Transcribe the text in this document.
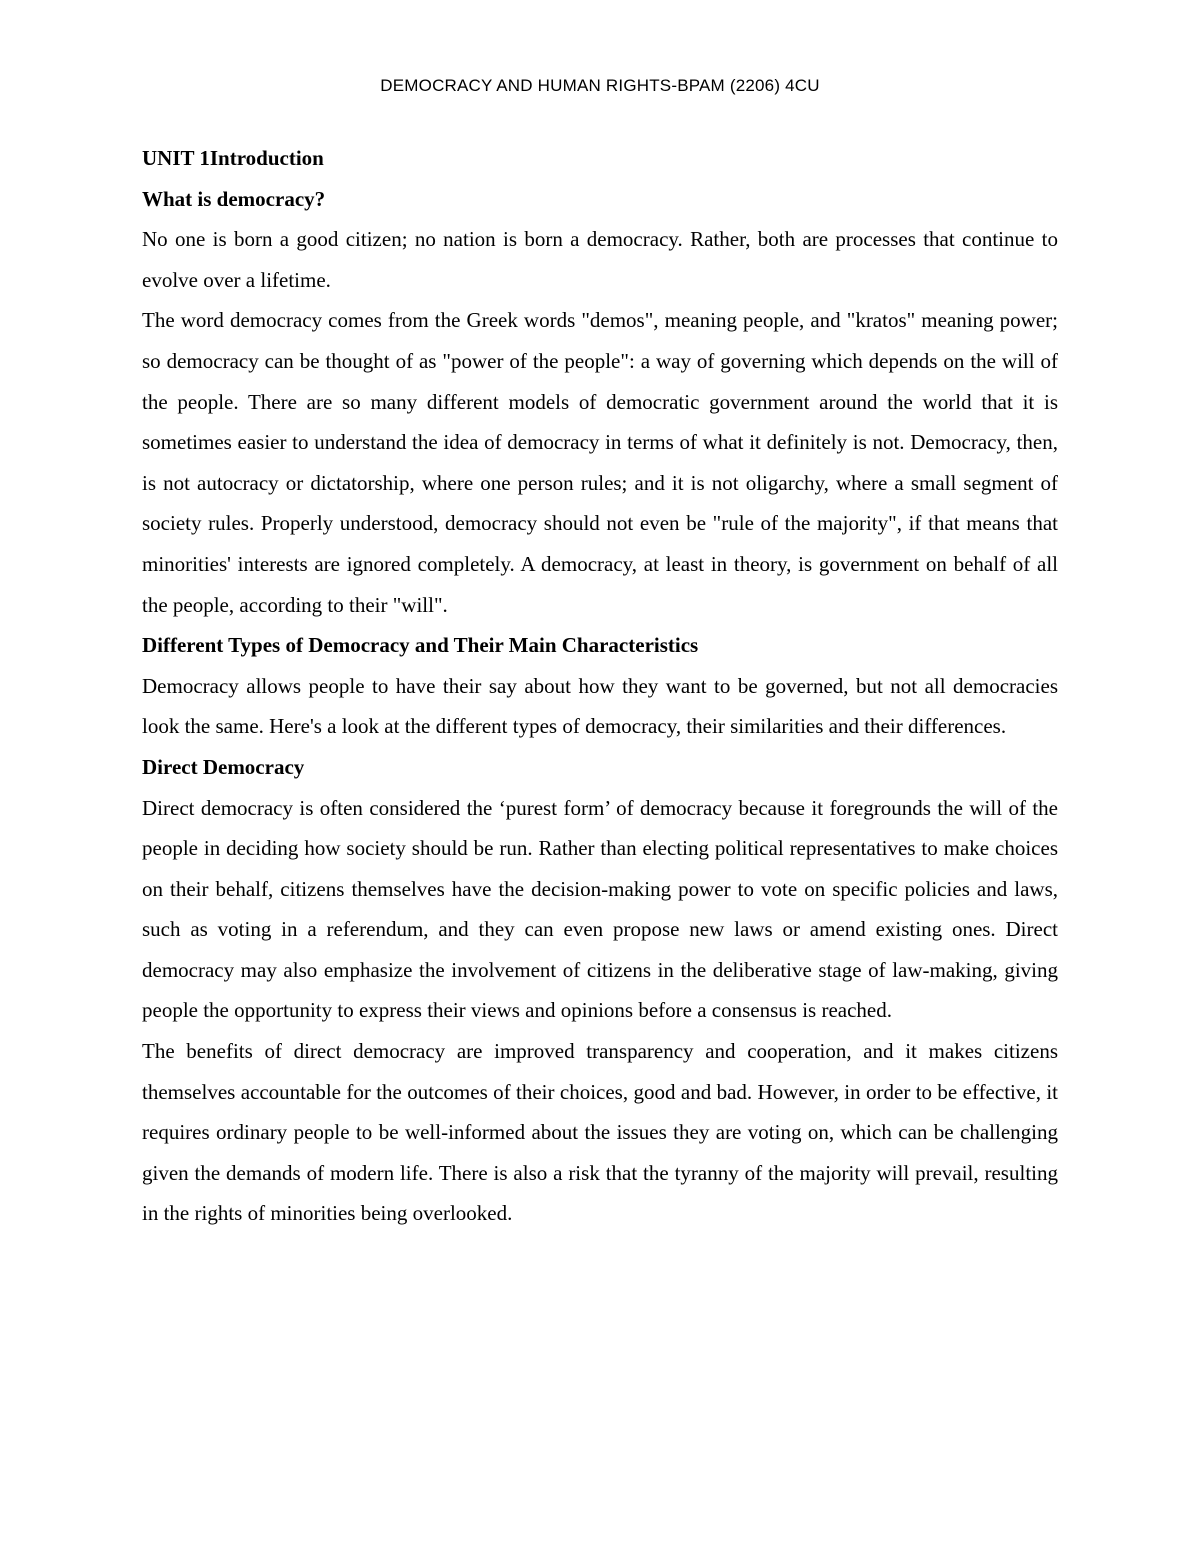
DEMOCRACY AND HUMAN RIGHTS-BPAM (2206) 4CU

UNIT 1Introduction

What is democracy?

No one is born a good citizen; no nation is born a democracy. Rather, both are processes that continue to evolve over a lifetime.

The word democracy comes from the Greek words "demos", meaning people, and "kratos" meaning power; so democracy can be thought of as "power of the people": a way of governing which depends on the will of the people. There are so many different models of democratic government around the world that it is sometimes easier to understand the idea of democracy in terms of what it definitely is not. Democracy, then, is not autocracy or dictatorship, where one person rules; and it is not oligarchy, where a small segment of society rules. Properly understood, democracy should not even be "rule of the majority", if that means that minorities' interests are ignored completely. A democracy, at least in theory, is government on behalf of all the people, according to their "will".

Different Types of Democracy and Their Main Characteristics

Democracy allows people to have their say about how they want to be governed, but not all democracies look the same. Here's a look at the different types of democracy, their similarities and their differences.

Direct Democracy

Direct democracy is often considered the ‘purest form’ of democracy because it foregrounds the will of the people in deciding how society should be run. Rather than electing political representatives to make choices on their behalf, citizens themselves have the decision-making power to vote on specific policies and laws, such as voting in a referendum, and they can even propose new laws or amend existing ones. Direct democracy may also emphasize the involvement of citizens in the deliberative stage of law-making, giving people the opportunity to express their views and opinions before a consensus is reached.

The benefits of direct democracy are improved transparency and cooperation, and it makes citizens themselves accountable for the outcomes of their choices, good and bad. However, in order to be effective, it requires ordinary people to be well-informed about the issues they are voting on, which can be challenging given the demands of modern life. There is also a risk that the tyranny of the majority will prevail, resulting in the rights of minorities being overlooked.
